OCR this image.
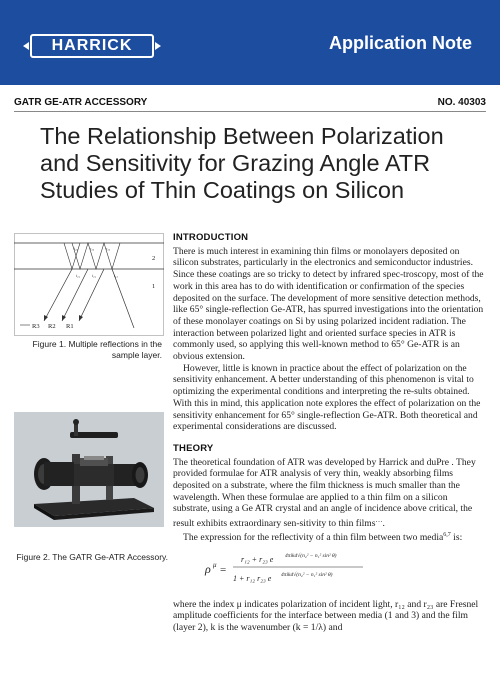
HARRICK	Application Note
GATR GE-ATR ACCESSORY	NO. 40303
The Relationship Between Polarization and Sensitivity for Grazing Angle ATR Studies of Thin Coatings on Silicon
t₂₃	r₂₃	r₂₃
t₂₁	t₂₁	t₁₂
2
1
R3 R2 R1
Figure 1. Multiple reflections in the sample layer.
Figure 2. The GATR Ge-ATR Accessory.
INTRODUCTION

There is much interest in examining thin films or monolayers deposited on silicon substrates, particularly in the electronics and semiconductor industries. Since these coatings are so tricky to detect by infrared spec-troscopy, most of the work in this area has to do with identification or confirmation of the species deposited on the surface. The development of more sensitive detection methods, like 65° single-reflection Ge-ATR, has spurred investigations into the orientation of these monolayer coatings on Si by using polarized incident radiation. The interaction between polarized light and oriented surface species in ATR is commonly used, so applying this well-known method to 65° Ge-ATR is an obvious extension.

However, little is known in practice about the effect of polarization on the sensitivity enhancement. A better understanding of this phenomenon is vital to optimizing the experimental conditions and interpreting the re-sults obtained. With this in mind, this application note explores the effect of polarization on the sensitivity enhancement for 65° single-reflection Ge-ATR. Both theoretical and experimental considerations are discussed.

THEORY

The theoretical foundation of ATR was developed by Harrick and duPre . They provided formulae for ATR analysis of very thin, weakly absorbing films deposited on a substrate, where the film thickness is much smaller than the wavelength. When these formulae are applied to a thin film on a silicon substrate, using a Ge ATR crystal and an angle of incidence above critical, the result exhibits extraordinary sen-sitivity to thin films….

The expression for the reflectivity of a thin film between two media$^{6,7}$ is:

ρ μ =
r₁₂ + r₂₃ e 4πikd√(n₂² − n₁² sin² θ)
1 + r₁₂ r₂₃ e 4πikd√(n₂² − n₁² sin² θ)

where the index μ indicates polarization of incident light, r₁₂ and r₂₃ are Fresnel amplitude coefficients for the interface between media (1 and 3) and the film (layer 2), k is the wavenumber (k = 1/λ) and
